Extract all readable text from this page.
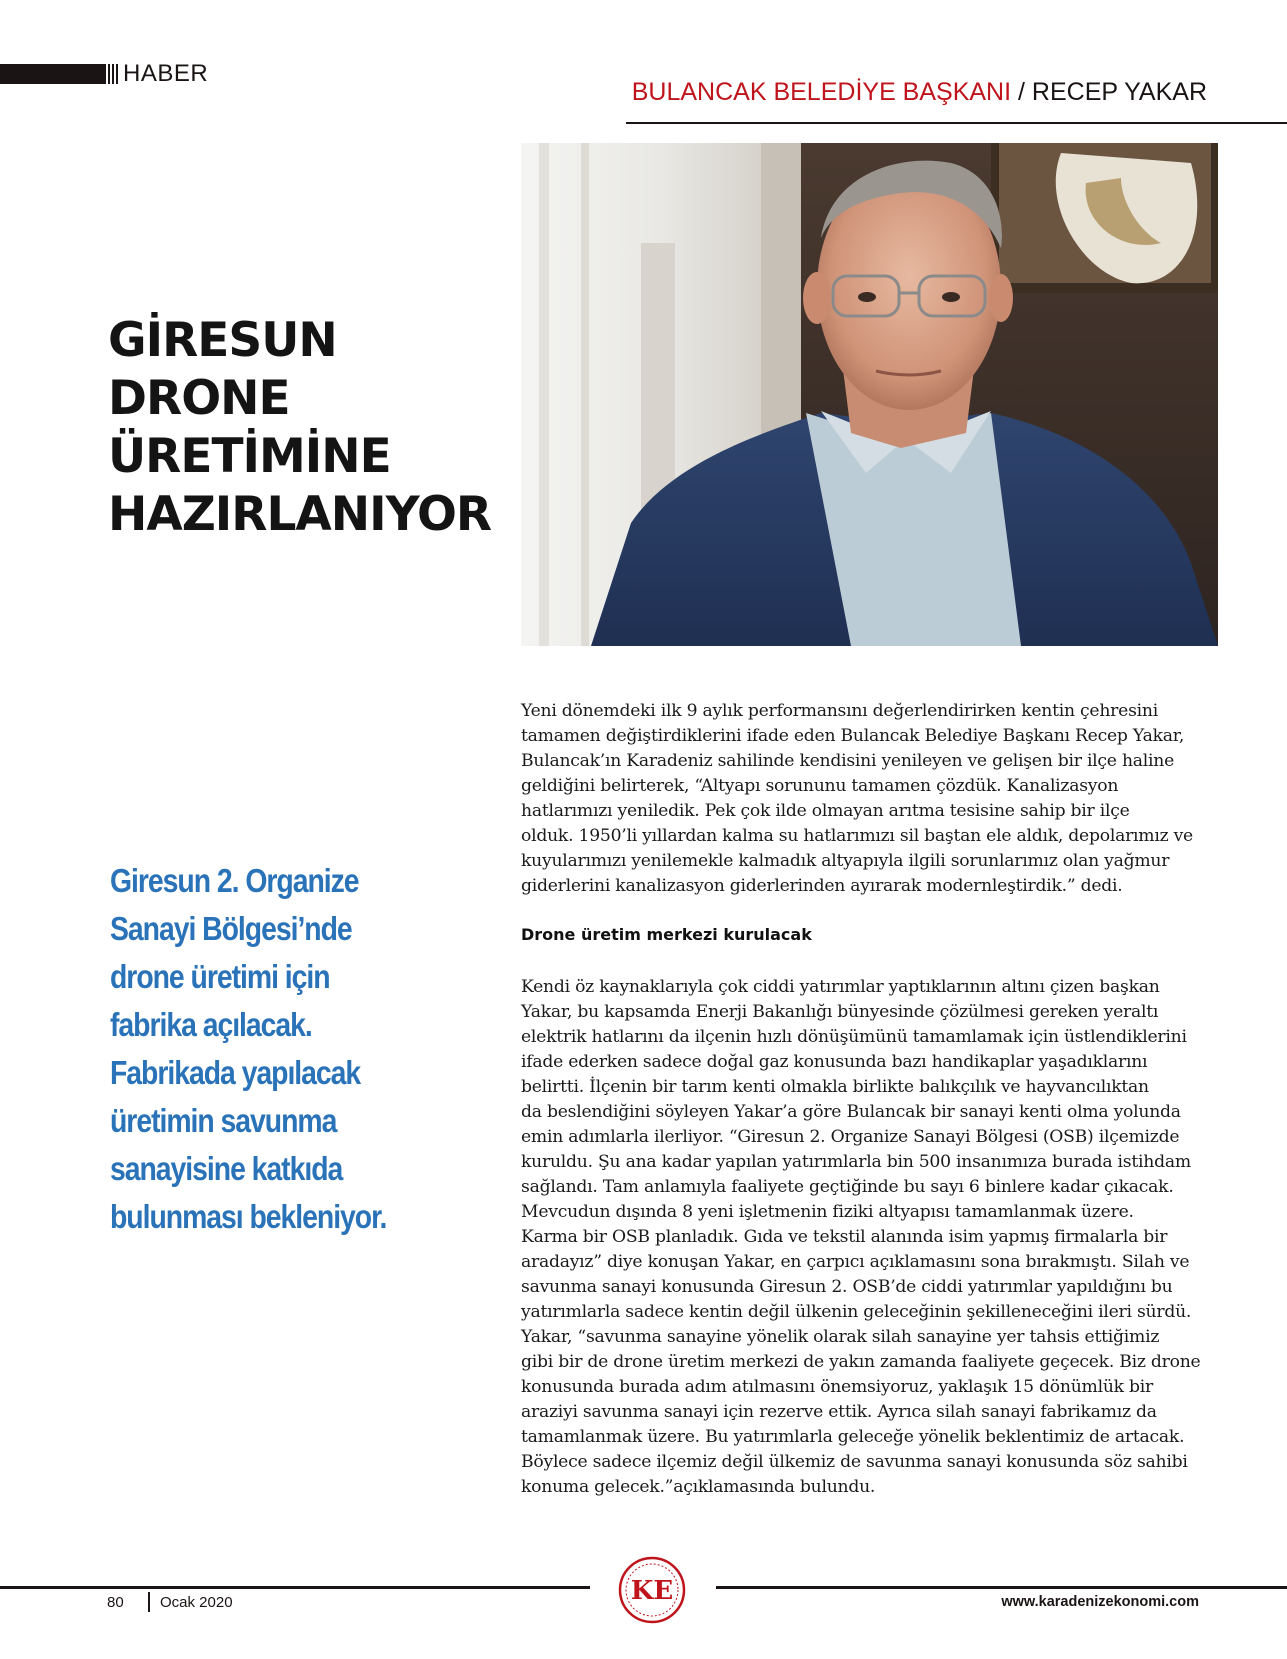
HABER
BULANCAK BELEDİYE BAŞKANI / RECEP YAKAR
GİRESUN
DRONE
ÜRETİMİNE
HAZIRLANIYOR
Giresun 2. Organize
Sanayi Bölgesi’nde
drone üretimi için
fabrika açılacak.
Fabrikada yapılacak
üretimin savunma
sanayisine katkıda
bulunması bekleniyor.
Yeni dönemdeki ilk 9 aylık performansını değerlendirirken kentin çehresini
tamamen değiştirdiklerini ifade eden Bulancak Belediye Başkanı Recep Yakar,
Bulancak’ın Karadeniz sahilinde kendisini yenileyen ve gelişen bir ilçe haline
geldiğini belirterek, “Altyapı sorununu tamamen çözdük. Kanalizasyon
hatlarımızı yeniledik. Pek çok ilde olmayan arıtma tesisine sahip bir ilçe
olduk. 1950’li yıllardan kalma su hatlarımızı sil baştan ele aldık, depolarımız ve
kuyularımızı yenilemekle kalmadık altyapıyla ilgili sorunlarımız olan yağmur
giderlerini kanalizasyon giderlerinden ayırarak modernleştirdik.” dedi.
Drone üretim merkezi kurulacak
Kendi öz kaynaklarıyla çok ciddi yatırımlar yaptıklarının altını çizen başkan
Yakar, bu kapsamda Enerji Bakanlığı bünyesinde çözülmesi gereken yeraltı
elektrik hatlarını da ilçenin hızlı dönüşümünü tamamlamak için üstlendiklerini
ifade ederken sadece doğal gaz konusunda bazı handikaplar yaşadıklarını
belirtti. İlçenin bir tarım kenti olmakla birlikte balıkçılık ve hayvancılıktan
da beslendiğini söyleyen Yakar’a göre Bulancak bir sanayi kenti olma yolunda
emin adımlarla ilerliyor. “Giresun 2. Organize Sanayi Bölgesi (OSB) ilçemizde
kuruldu. Şu ana kadar yapılan yatırımlarla bin 500 insanımıza burada istihdam
sağlandı. Tam anlamıyla faaliyete geçtiğinde bu sayı 6 binlere kadar çıkacak.
Mevcudun dışında 8 yeni işletmenin fiziki altyapısı tamamlanmak üzere.
Karma bir OSB planladık. Gıda ve tekstil alanında isim yapmış firmalarla bir
aradayız” diye konuşan Yakar, en çarpıcı açıklamasını sona bırakmıştı. Silah ve
savunma sanayi konusunda Giresun 2. OSB’de ciddi yatırımlar yapıldığını bu
yatırımlarla sadece kentin değil ülkenin geleceğinin şekilleneceğini ileri sürdü.
Yakar, “savunma sanayine yönelik olarak silah sanayine yer tahsis ettiğimiz
gibi bir de drone üretim merkezi de yakın zamanda faaliyete geçecek. Biz drone
konusunda burada adım atılmasını önemsiyoruz, yaklaşık 15 dönümlük bir
araziyi savunma sanayi için rezerve ettik. Ayrıca silah sanayi fabrikamız da
tamamlanmak üzere. Bu yatırımlarla geleceğe yönelik beklentimiz de artacak.
Böylece sadece ilçemiz değil ülkemiz de savunma sanayi konusunda söz sahibi
konuma gelecek.”açıklamasında bulundu.
KE
80 Ocak 2020	www.karadenizekonomi.com
